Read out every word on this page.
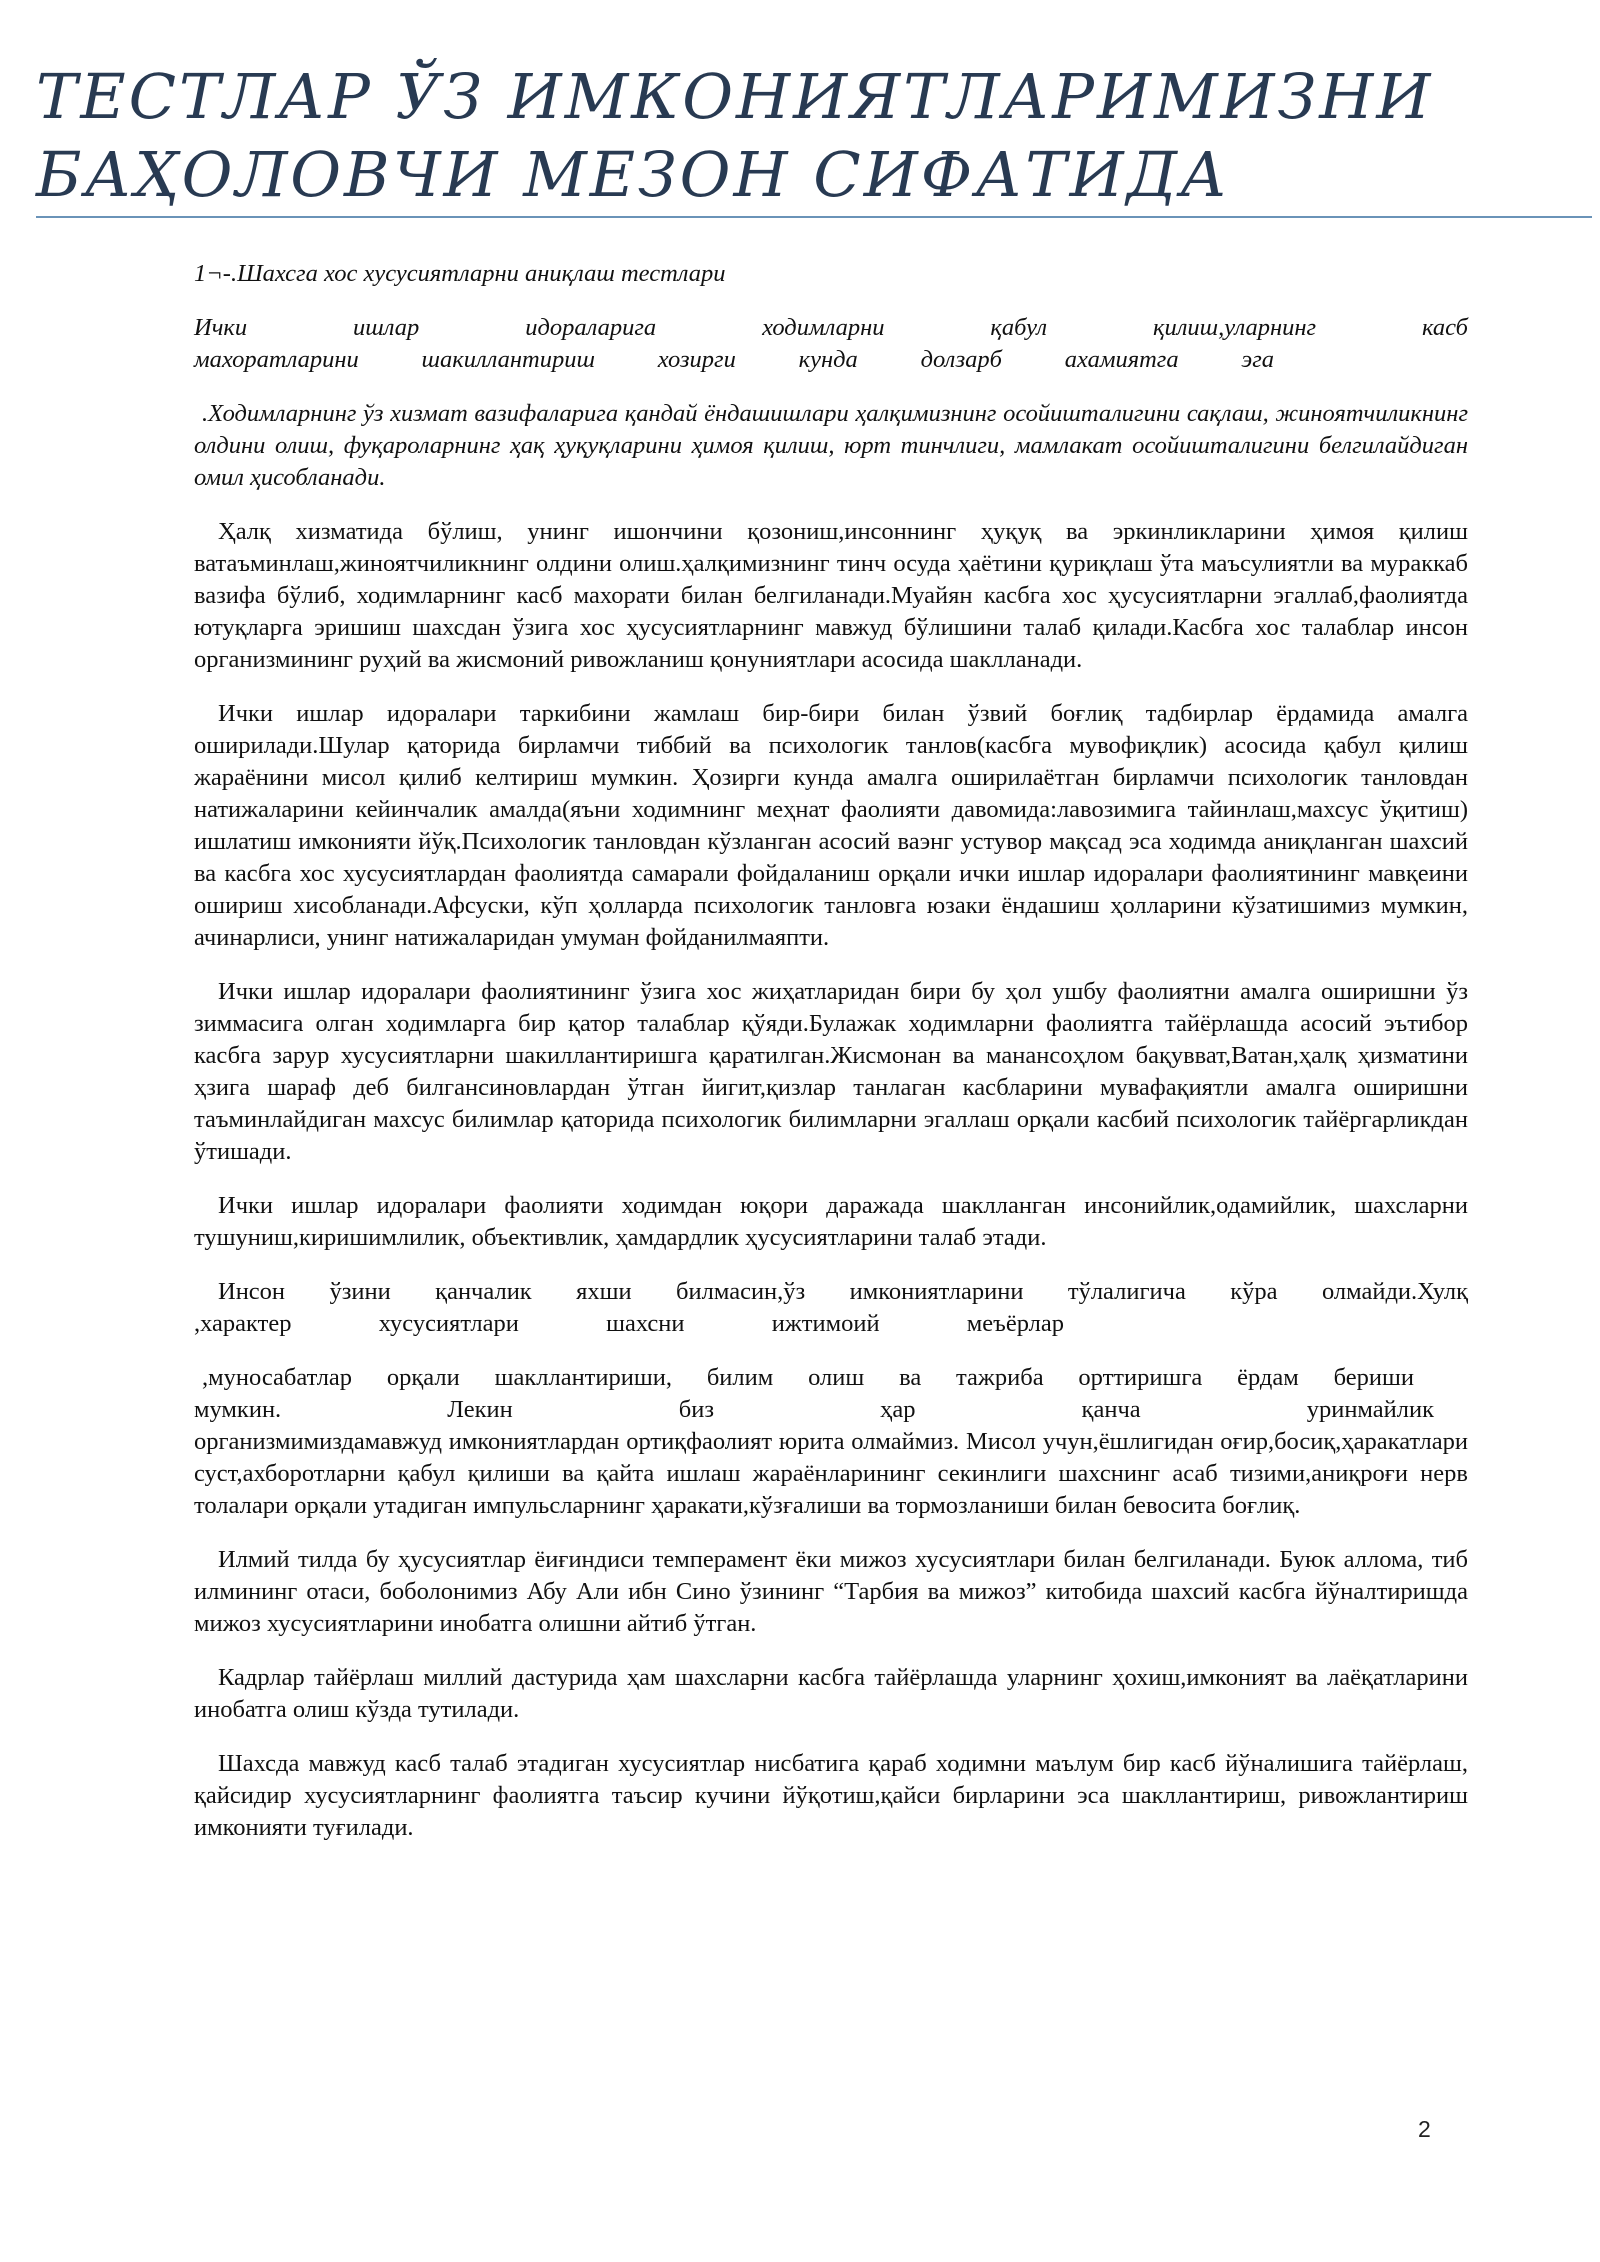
ТЕСТЛАР ЎЗ ИМКОНИЯТЛАРИМИЗНИ
БАҲОЛОВЧИ МЕЗОН СИФАТИДА

1¬-.Шахсга хос хусусиятларни аниқлаш тестлари

Ички ишлар идораларига ходимларни қабул қилиш,уларнинг касб
махоратларини шакиллантириш хозирги кунда долзарб ахамиятга эга

.Ходимларнинг ўз хизмат вазифаларига қандай ёндашишлари ҳалқимизнинг осойишталигини сақлаш, жиноятчиликнинг олдини олиш, фуқароларнинг ҳақ ҳуқуқларини ҳимоя қилиш, юрт тинчлиги, мамлакат осойишталигини белгилайдиган омил ҳисобланади.

Ҳалқ хизматида бўлиш, унинг ишончини қозониш,инсоннинг ҳуқуқ ва эркинликларини ҳимоя қилиш ватаъминлаш,жиноятчиликнинг олдини олиш.ҳалқимизнинг тинч осуда ҳаётини қуриқлаш ўта маъсулиятли ва мураккаб вазифа бўлиб, ходимларнинг касб махорати билан белгиланади.Муайян касбга хос ҳусусиятларни эгаллаб,фаолиятда ютуқларга эришиш шахсдан ўзига хос ҳусусиятларнинг мавжуд бўлишини талаб қилади.Касбга хос талаблар инсон организмининг руҳий ва жисмоний ривожланиш қонуниятлари асосида шаклланади.

Ички ишлар идоралари таркибини жамлаш бир-бири билан ўзвий боғлиқ тадбирлар ёрдамида амалга оширилади.Шулар қаторида бирламчи тиббий ва психологик танлов(касбга мувофиқлик) асосида қабул қилиш жараёнини мисол қилиб келтириш мумкин. Ҳозирги кунда амалга оширилаётган бирламчи психологик танловдан натижаларини кейинчалик амалда(яъни ходимнинг меҳнат фаолияти давомида:лавозимига тайинлаш,махсус ўқитиш) ишлатиш имконияти йўқ.Психологик танловдан кўзланган асосий ваэнг устувор мақсад эса ходимда аниқланган шахсий ва касбга хос хусусиятлардан фаолиятда самарали фойдаланиш орқали ички ишлар идоралари фаолиятининг мавқеини ошириш хисобланади.Афсуски, кўп ҳолларда психологик танловга юзаки ёндашиш ҳолларини кўзатишимиз мумкин, ачинарлиси, унинг натижаларидан умуман фойданилмаяпти.

Ички ишлар идоралари фаолиятининг ўзига хос жиҳатларидан бири бу ҳол ушбу фаолиятни амалга оширишни ўз зиммасига олган ходимларга бир қатор талаблар қўяди.Булажак ходимларни фаолиятга тайёрлашда асосий эътибор касбга зарур хусусиятларни шакиллантиришга қаратилган.Жисмонан ва манансоҳлом бақувват,Ватан,ҳалқ ҳизматини ҳзига шараф деб билгансиновлардан ўтган йигит,қизлар танлаган касбларини мувафақиятли амалга оширишни таъминлайдиган махсус билимлар қаторида психологик билимларни эгаллаш орқали касбий психологик тайёргарликдан ўтишади.

Ички ишлар идоралари фаолияти ходимдан юқори даражада шаклланган инсонийлик,одамийлик, шахсларни тушуниш,киришимлилик, объективлик, ҳамдардлик ҳусусиятларини талаб этади.

Инсон ўзини қанчалик яхши билмасин,ўз имкониятларини тўлалигича кўра олмайди.Хулқ
,характер хусусиятлари шахсни ижтимоий меъёрлар

,муносабатлар орқали шакллантириши, билим олиш ва тажриба орттиришга ёрдам бериши
мумкин. Лекин биз ҳар қанча уринмайлик
организмимиздамавжуд имкониятлардан ортиқфаолият юрита олмаймиз. Мисол учун,ёшлигидан оғир,босиқ,ҳаракатлари суст,ахборотларни қабул қилиши ва қайта ишлаш жараёнларининг секинлиги шахснинг асаб тизими,аниқроғи нерв толалари орқали утадиган импульсларнинг ҳаракати,кўзғалиши ва тормозланиши билан бевосита боғлиқ.

Илмий тилда бу ҳусусиятлар ёиғиндиси темперамент ёки мижоз хусусиятлари билан белгиланади. Буюк аллома, тиб илмининг отаси, боболонимиз Абу Али ибн Сино ўзининг “Тарбия ва мижоз” китобида шахсий касбга йўналтиришда мижоз хусусиятларини инобатга олишни айтиб ўтган.

Кадрлар тайёрлаш миллий дастурида ҳам шахсларни касбга тайёрлашда уларнинг ҳохиш,имконият ва лаёқатларини инобатга олиш кўзда тутилади.

Шахсда мавжуд касб талаб этадиган хусусиятлар нисбатига қараб ходимни маълум бир касб йўналишига тайёрлаш, қайсидир хусусиятларнинг фаолиятга таъсир кучини йўқотиш,қайси бирларини эса шакллантириш, ривожлантириш имконияти туғилади.

2
